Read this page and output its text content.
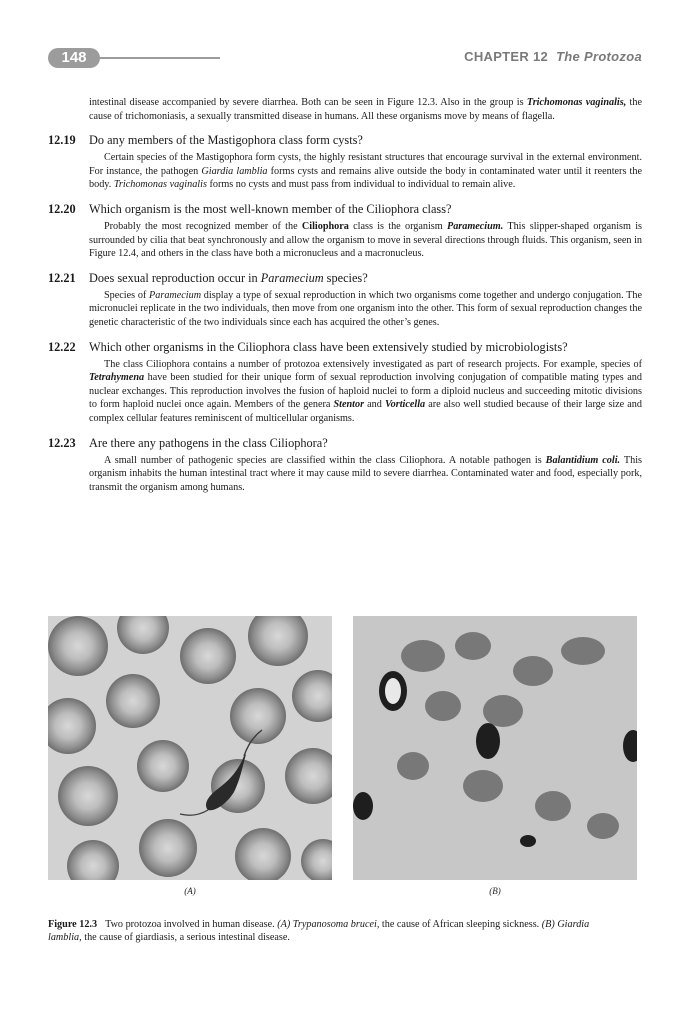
148	CHAPTER 12 The Protozoa

intestinal disease accompanied by severe diarrhea. Both can be seen in Figure 12.3. Also in the group is Trichomonas vaginalis, the cause of trichomoniasis, a sexually transmitted disease in humans. All these organisms move by means of flagella.

12.19	Do any members of the Mastigophora class form cysts?

Certain species of the Mastigophora form cysts, the highly resistant structures that encourage survival in the external environment. For instance, the pathogen Giardia lamblia forms cysts and remains alive outside the body in contaminated water until it reenters the body. Trichomonas vaginalis forms no cysts and must pass from individual to individual to remain alive.

12.20	Which organism is the most well-known member of the Ciliophora class?

Probably the most recognized member of the Ciliophora class is the organism Paramecium. This slipper-shaped organism is surrounded by cilia that beat synchronously and allow the organism to move in several directions through fluids. This organism, seen in Figure 12.4, and others in the class have both a micronucleus and a macronucleus.

12.21	Does sexual reproduction occur in Paramecium species?

Species of Paramecium display a type of sexual reproduction in which two organisms come together and undergo conjugation. The micronuclei replicate in the two individuals, then move from one organism into the other. This form of sexual reproduction changes the genetic characteristic of the two individuals since each has acquired the other’s genes.

12.22	Which other organisms in the Ciliophora class have been extensively studied by microbiologists?

The class Ciliophora contains a number of protozoa extensively investigated as part of research projects. For example, species of Tetrahymena have been studied for their unique form of sexual reproduction involving conjugation of compatible mating types and nuclear exchanges. This reproduction involves the fusion of haploid nuclei to form a diploid nucleus and succeeding mitotic divisions to form haploid nuclei once again. Members of the genera Stentor and Vorticella are also well studied because of their large size and complex cellular features reminiscent of multicellular organisms.

12.23	Are there any pathogens in the class Ciliophora?

A small number of pathogenic species are classified within the class Ciliophora. A notable pathogen is Balantidium coli. This organism inhabits the human intestinal tract where it may cause mild to severe diarrhea. Contaminated water and food, especially pork, transmit the organism among humans.

(A)	(B)
Figure 12.3 Two protozoa involved in human disease. (A) Trypanosoma brucei, the cause of African sleeping sickness. (B) Giardia lamblia, the cause of giardiasis, a serious intestinal disease.
